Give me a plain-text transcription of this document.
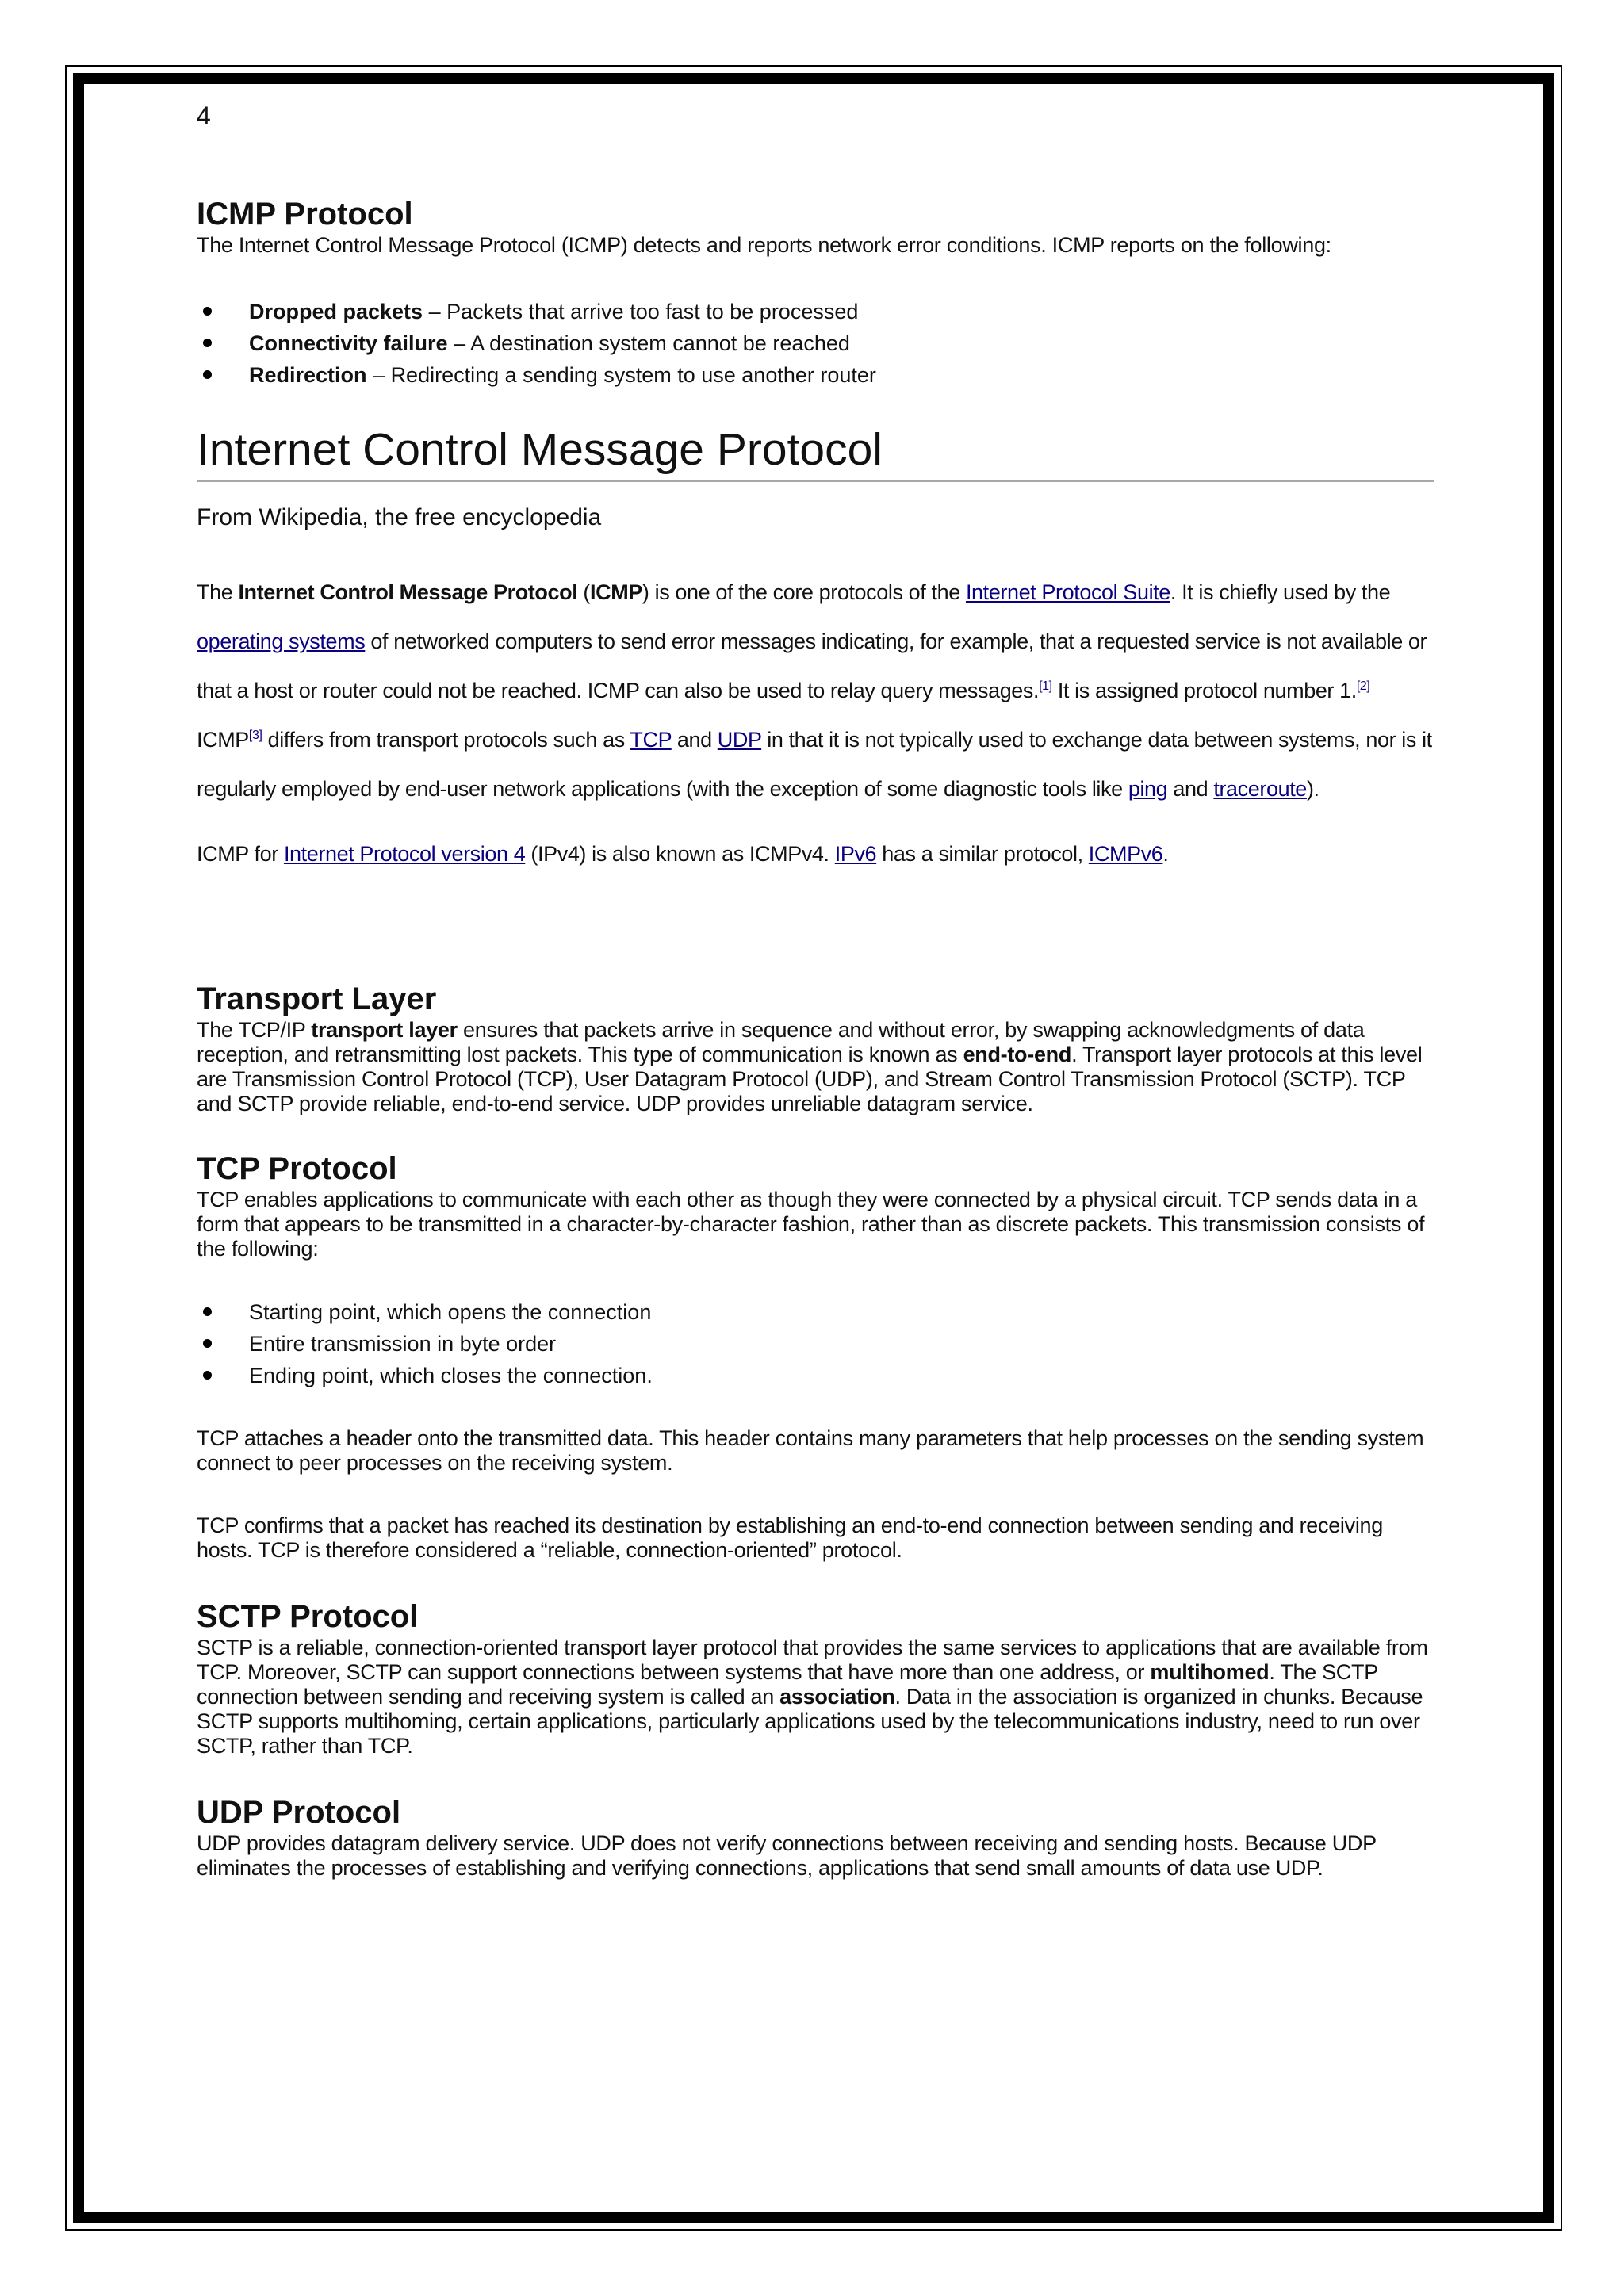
4
ICMP Protocol

The Internet Control Message Protocol (ICMP) detects and reports network error conditions. ICMP reports on the following:

Dropped packets – Packets that arrive too fast to be processed
Connectivity failure – A destination system cannot be reached
Redirection – Redirecting a sending system to use another router
Internet Control Message Protocol

From Wikipedia, the free encyclopedia

The Internet Control Message Protocol (ICMP) is one of the core protocols of the Internet Protocol Suite. It is chiefly used by the operating systems of networked computers to send error messages indicating, for example, that a requested service is not available or that a host or router could not be reached. ICMP can also be used to relay query messages.[1] It is assigned protocol number 1.[2]

ICMP[3] differs from transport protocols such as TCP and UDP in that it is not typically used to exchange data between systems, nor is it regularly employed by end-user network applications (with the exception of some diagnostic tools like ping and traceroute).

ICMP for Internet Protocol version 4 (IPv4) is also known as ICMPv4. IPv6 has a similar protocol, ICMPv6.

Transport Layer

The TCP/IP transport layer ensures that packets arrive in sequence and without error, by swapping acknowledgments of data reception, and retransmitting lost packets. This type of communication is known as end-to-end. Transport layer protocols at this level are Transmission Control Protocol (TCP), User Datagram Protocol (UDP), and Stream Control Transmission Protocol (SCTP). TCP and SCTP provide reliable, end-to-end service. UDP provides unreliable datagram service.

TCP Protocol

TCP enables applications to communicate with each other as though they were connected by a physical circuit. TCP sends data in a form that appears to be transmitted in a character-by-character fashion, rather than as discrete packets. This transmission consists of the following:

Starting point, which opens the connection
Entire transmission in byte order
Ending point, which closes the connection.

TCP attaches a header onto the transmitted data. This header contains many parameters that help processes on the sending system connect to peer processes on the receiving system.

TCP confirms that a packet has reached its destination by establishing an end-to-end connection between sending and receiving hosts. TCP is therefore considered a “reliable, connection-oriented” protocol.

SCTP Protocol

SCTP is a reliable, connection-oriented transport layer protocol that provides the same services to applications that are available from TCP. Moreover, SCTP can support connections between systems that have more than one address, or multihomed. The SCTP connection between sending and receiving system is called an association. Data in the association is organized in chunks. Because SCTP supports multihoming, certain applications, particularly applications used by the telecommunications industry, need to run over SCTP, rather than TCP.

UDP Protocol

UDP provides datagram delivery service. UDP does not verify connections between receiving and sending hosts. Because UDP eliminates the processes of establishing and verifying connections, applications that send small amounts of data use UDP.
